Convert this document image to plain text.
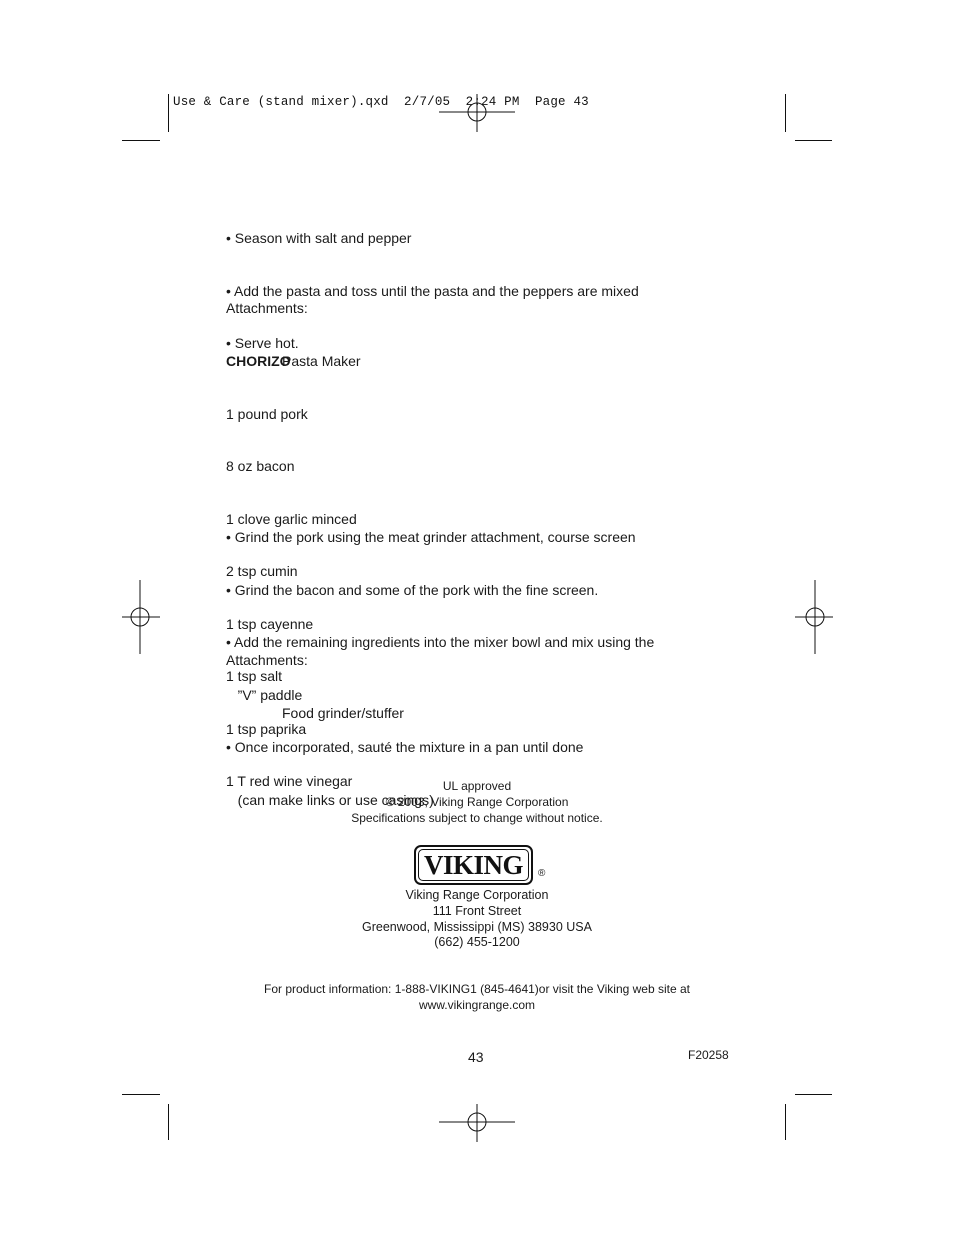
Use & Care (stand mixer).qxd  2/7/05  2:24 PM  Page 43

• Season with salt and pepper

• Add the pasta and toss until the pasta and the peppers are mixed

• Serve hot.

Attachments:

Pasta Maker

CHORIZO

1 pound pork

8 oz bacon

1 clove garlic minced

2 tsp cumin

1 tsp cayenne

1 tsp salt

1 tsp paprika

1 T red wine vinegar

• Grind the pork using the meat grinder attachment, course screen

• Grind the bacon and some of the pork with the fine screen.

• Add the remaining ingredients into the mixer bowl and mix using the

”V” paddle

• Once incorporated, sauté the mixture in a pan until done

(can make links or use casings)

Attachments:

Food grinder/stuffer

UL approved
© 2003, Viking Range Corporation
Specifications subject to change without notice.
VIKING	®
Viking Range Corporation
111 Front Street
Greenwood, Mississippi (MS) 38930 USA
(662) 455-1200
For product information: 1-888-VIKING1 (845-4641)or visit the Viking web site at
www.vikingrange.com
43	F20258
